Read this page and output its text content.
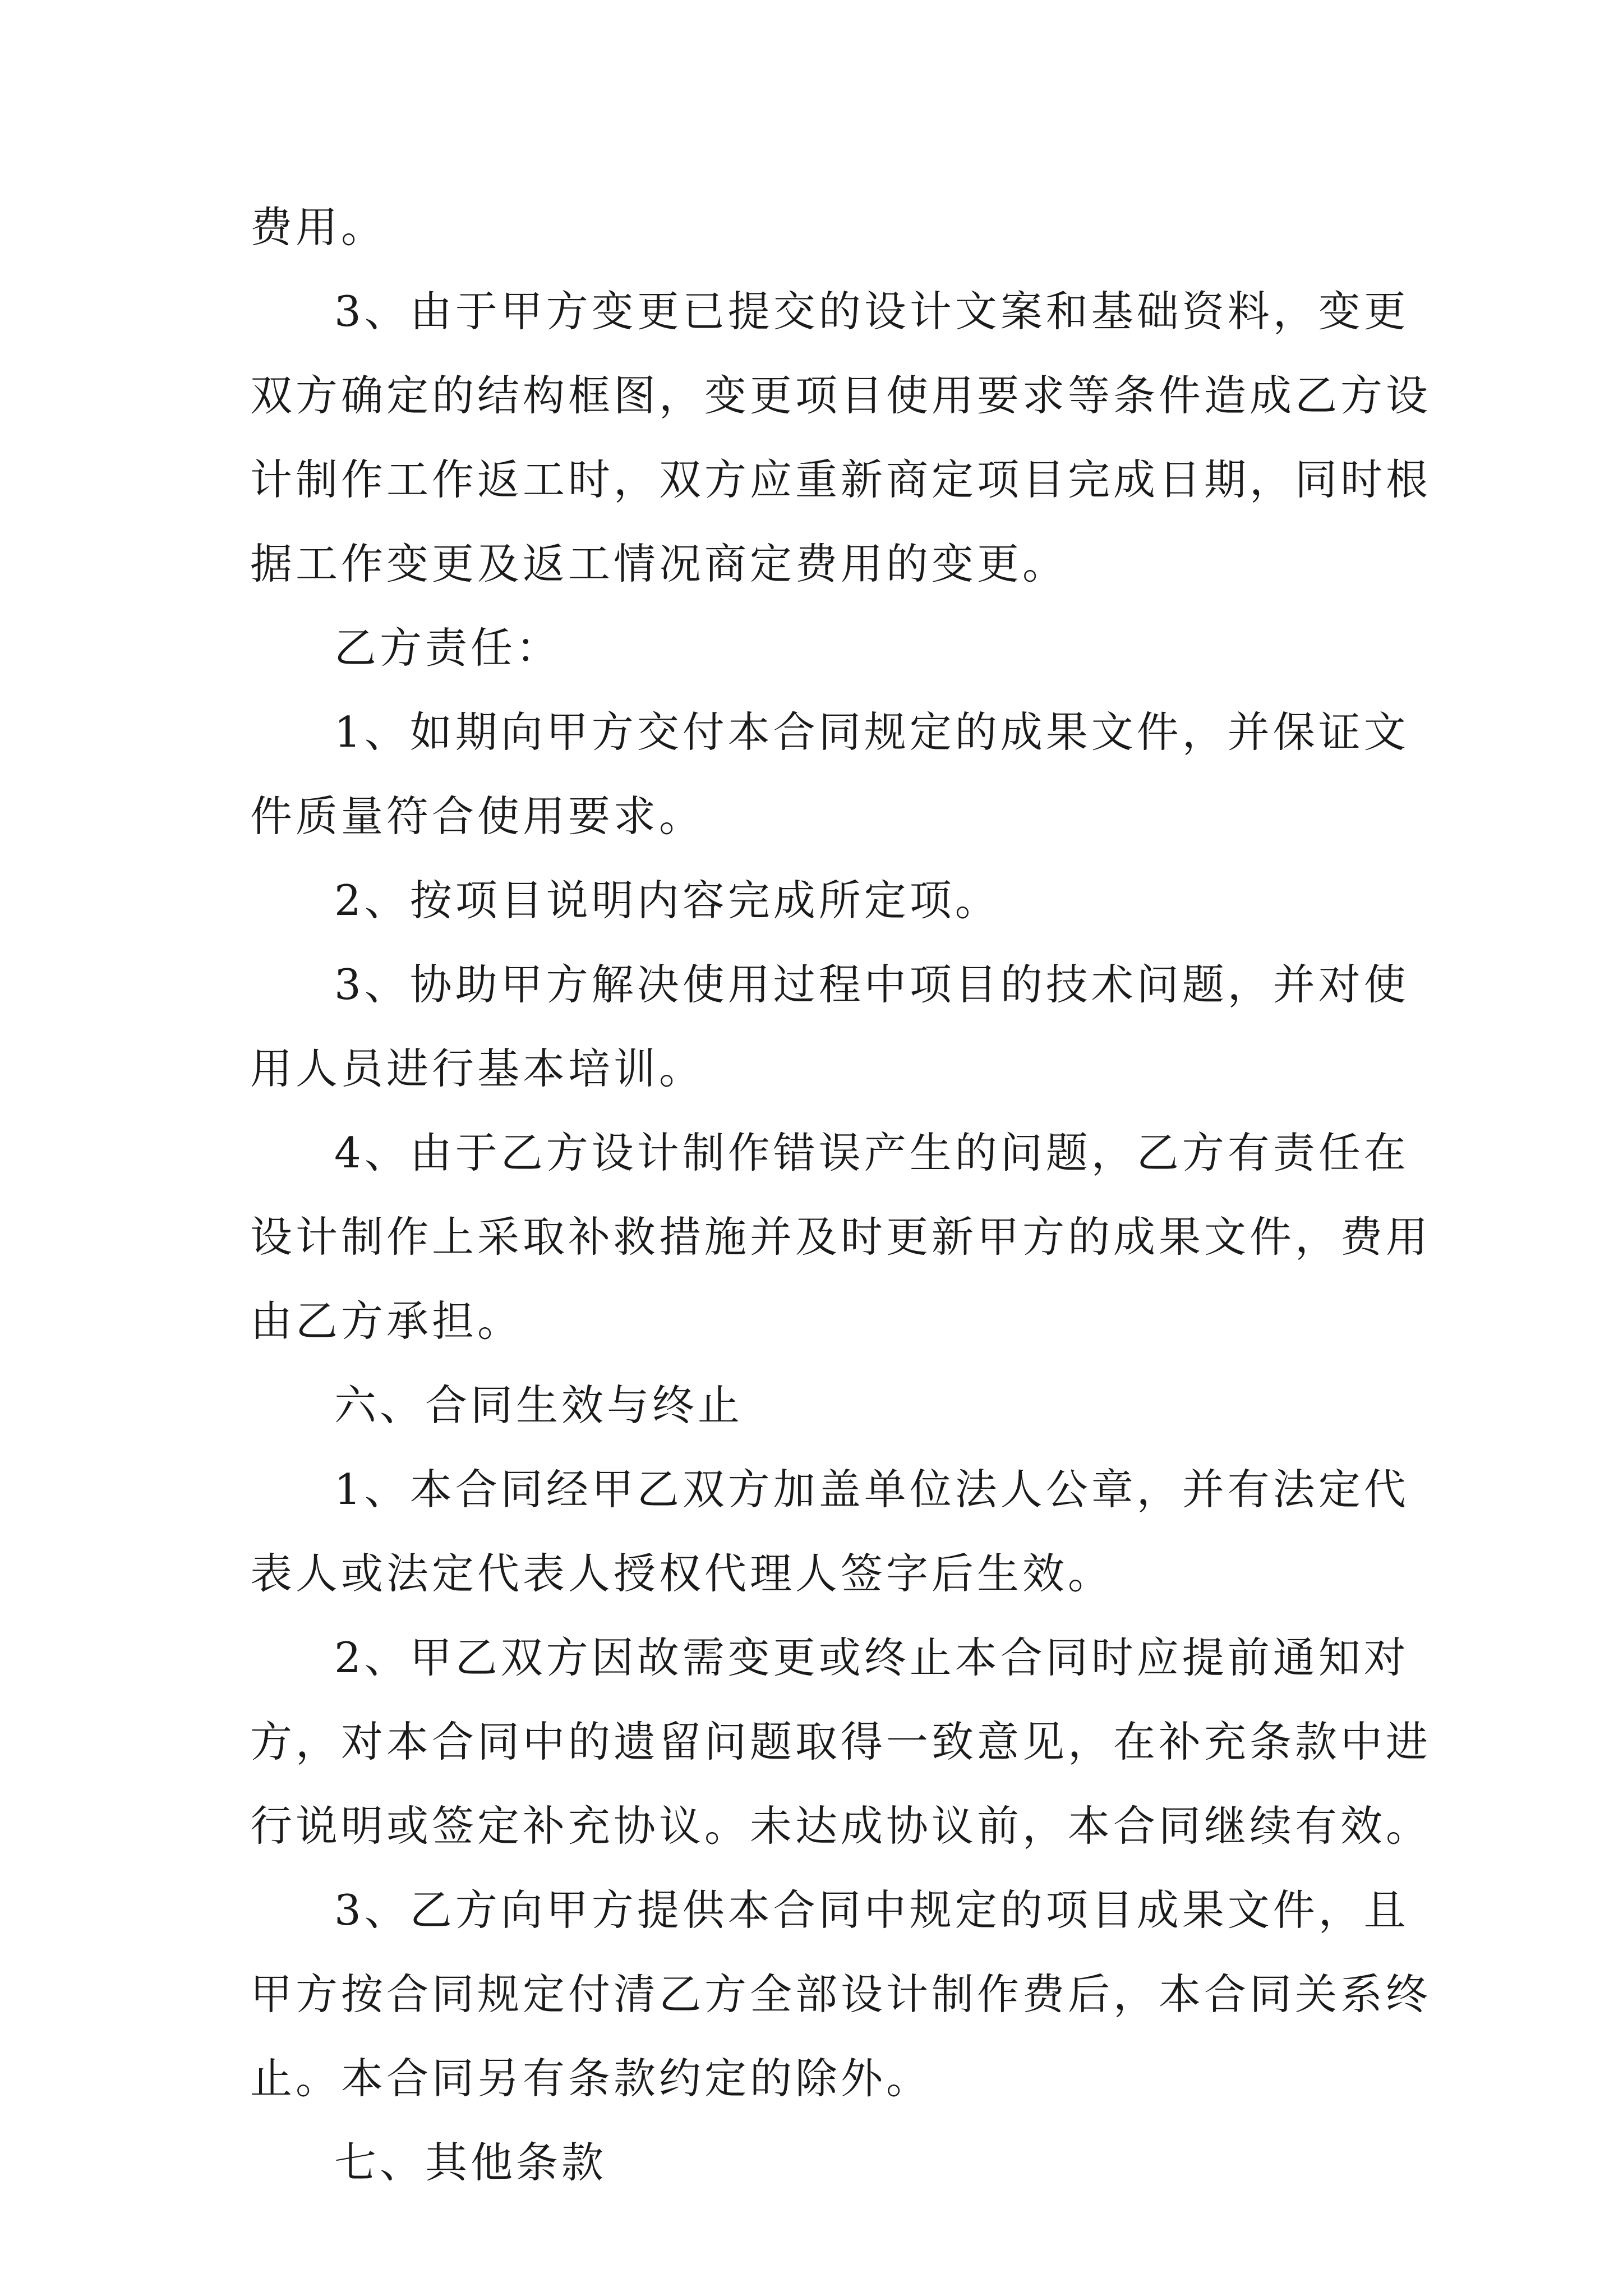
费用。
3、由于甲方变更已提交的设计文案和基础资料，变更
双方确定的结构框图，变更项目使用要求等条件造成乙方设
计制作工作返工时，双方应重新商定项目完成日期，同时根
据工作变更及返工情况商定费用的变更。
乙方责任：
1、如期向甲方交付本合同规定的成果文件，并保证文
件质量符合使用要求。
2、按项目说明内容完成所定项。
3、协助甲方解决使用过程中项目的技术问题，并对使
用人员进行基本培训。
4、由于乙方设计制作错误产生的问题，乙方有责任在
设计制作上采取补救措施并及时更新甲方的成果文件，费用
由乙方承担。
六、合同生效与终止
1、本合同经甲乙双方加盖单位法人公章，并有法定代
表人或法定代表人授权代理人签字后生效。
2、甲乙双方因故需变更或终止本合同时应提前通知对
方，对本合同中的遗留问题取得一致意见，在补充条款中进
行说明或签定补充协议。未达成协议前，本合同继续有效。
3、乙方向甲方提供本合同中规定的项目成果文件，且
甲方按合同规定付清乙方全部设计制作费后，本合同关系终
止。本合同另有条款约定的除外。
七、其他条款
